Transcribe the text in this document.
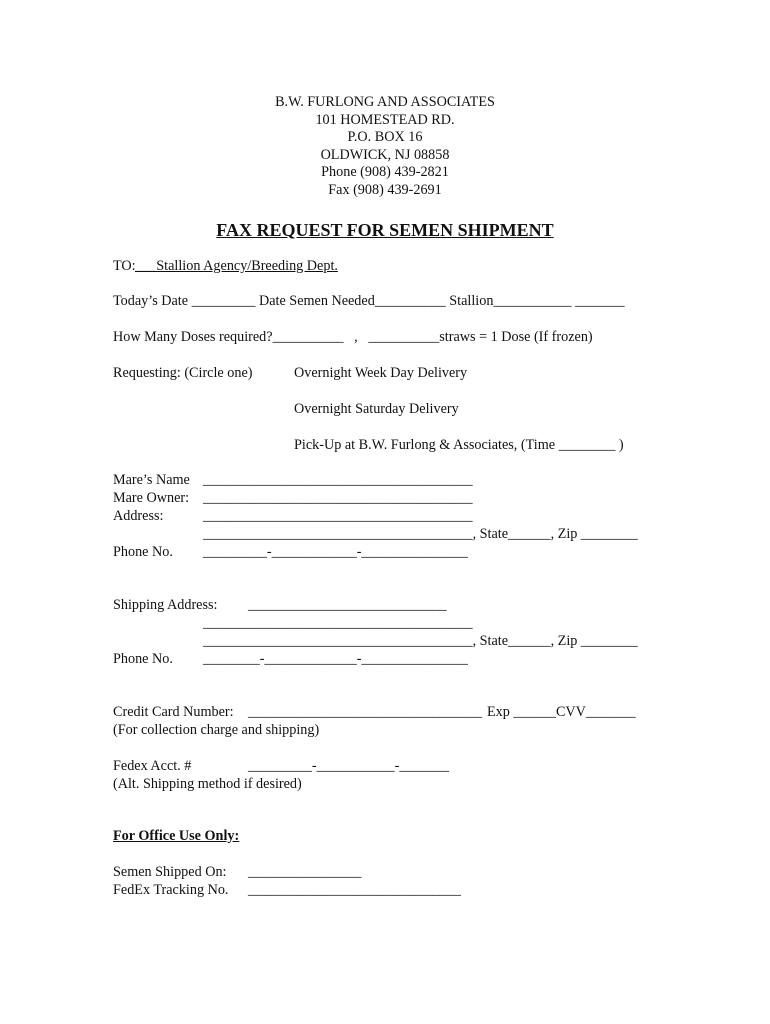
B.W. FURLONG AND ASSOCIATES
101 HOMESTEAD RD.
P.O. BOX 16
OLDWICK, NJ 08858
Phone (908) 439-2821
Fax (908) 439-2691
FAX REQUEST FOR SEMEN SHIPMENT
TO: ___Stallion Agency/Breeding Dept.
Today’s Date _________ Date Semen Needed__________ Stallion___________ _______
How Many Doses required?__________   ,   __________straws = 1 Dose (If frozen)
Requesting: (Circle one)	Overnight Week Day Delivery
Overnight Saturday Delivery
Pick-Up at B.W. Furlong & Associates, (Time ________ )
Mare’s Name ______________________________________
Mare Owner: ______________________________________
Address:	______________________________________
______________________________________, State______, Zip ________
Phone No. _________-____________-_______________
Shipping Address: ____________________________
______________________________________
______________________________________, State______, Zip ________
Phone No. ________-_____________-_______________
Credit Card Number: _________________________________ Exp ______CVV_______
(For collection charge and shipping)
Fedex Acct. #	_________-___________-_______
(Alt. Shipping method if desired)
For Office Use Only:
Semen Shipped On: ________________
FedEx Tracking No. ______________________________
